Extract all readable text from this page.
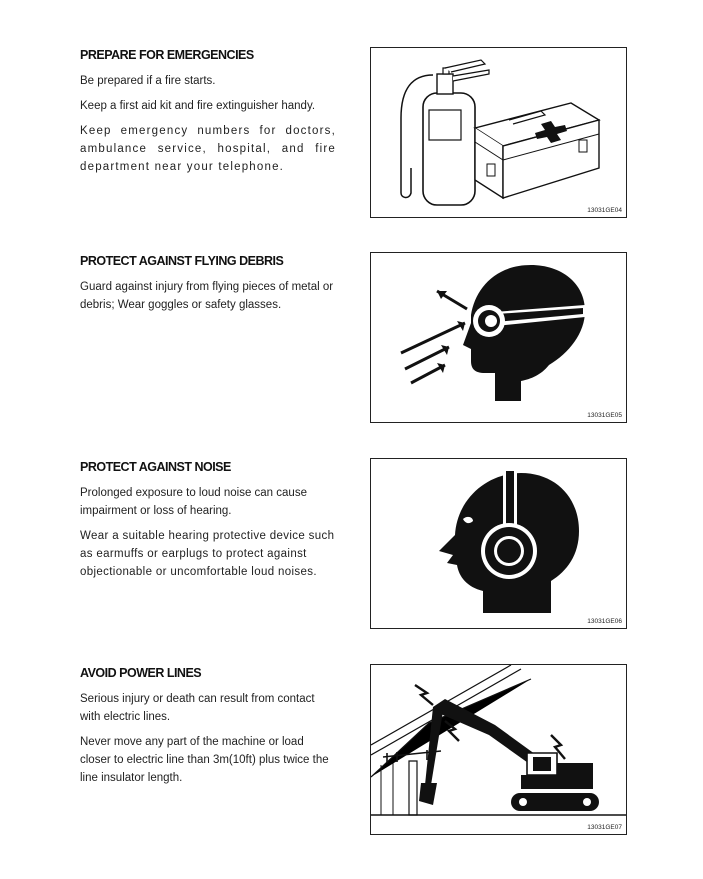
PREPARE FOR EMERGENCIES

Be prepared if a fire starts.

Keep a first aid kit and fire extinguisher handy.

Keep emergency numbers for doctors, ambulance service, hospital, and fire department near your telephone.

13031GE04
PROTECT AGAINST FLYING DEBRIS

Guard against injury from flying pieces of metal or debris; Wear goggles or safety glasses.

13031GE05
PROTECT AGAINST NOISE

Prolonged exposure to loud noise can cause impairment or loss of hearing.

Wear a suitable hearing protective device such as earmuffs or earplugs to protect against objectionable or uncomfortable loud noises.

13031GE06
AVOID POWER LINES

Serious injury or death can result from contact with electric lines.

Never move any part of the machine or load closer to electric line than 3m(10ft) plus twice the line insulator length.

13031GE07
